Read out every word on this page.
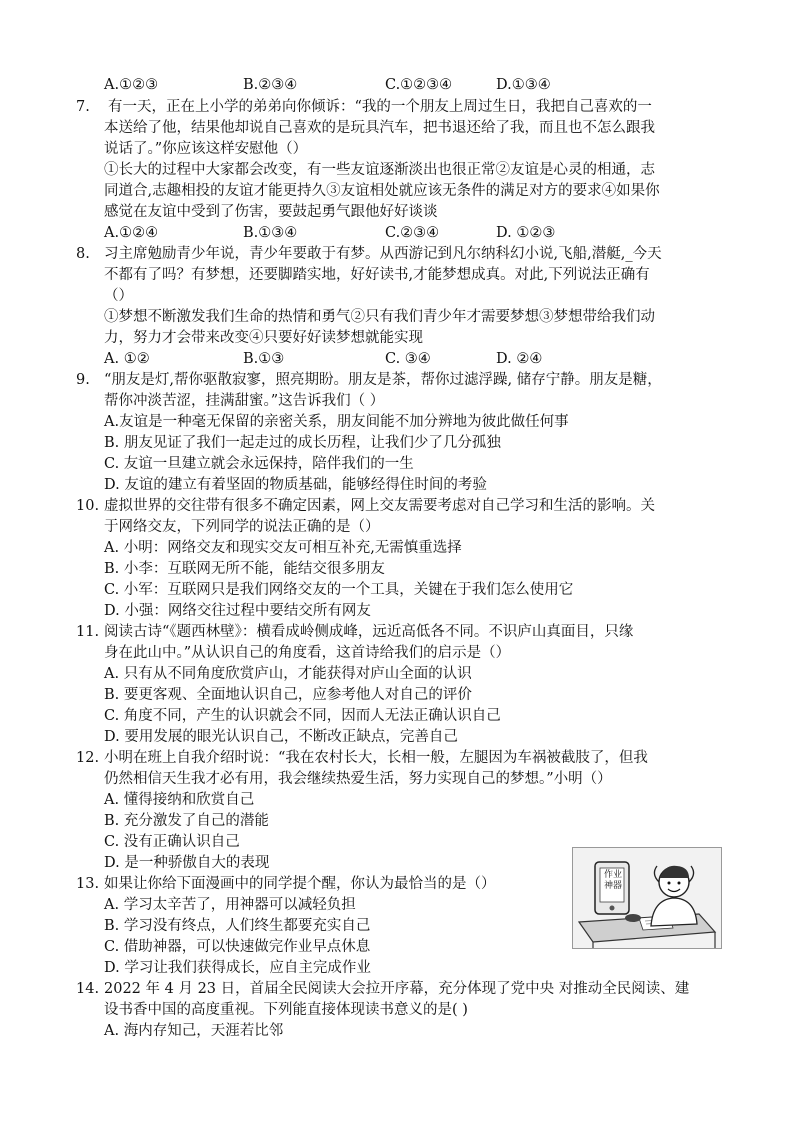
A.①②③	B.②③④	C.①②③④	D.①③④
7. 有一天，正在上小学的弟弟向你倾诉：“我的一个朋友上周过生日，我把自己喜欢的一
本送给了他，结果他却说自己喜欢的是玩具汽车，把书退还给了我，而且也不怎么跟我
说话了。”你应该这样安慰他（）
①长大的过程中大家都会改变，有一些友谊逐渐淡出也很正常②友谊是心灵的相通，志
同道合,志趣相投的友谊才能更持久③友谊相处就应该无条件的满足对方的要求④如果你
感觉在友谊中受到了伤害，要鼓起勇气跟他好好谈谈
A.①②④	B.①③④	C.②③④	D. ①②③
8. 习主席勉励青少年说，青少年要敢于有梦。从西游记到凡尔纳科幻小说,飞船,潜艇,_今天
不都有了吗？有梦想，还要脚踏实地，好好读书,才能梦想成真。对此,下列说法正确有
（）
①梦想不断激发我们生命的热情和勇气②只有我们青少年才需要梦想③梦想带给我们动
力，努力才会带来改变④只要好好读梦想就能实现
A. ①②	B.①③	C. ③④	D. ②④
9. “朋友是灯,帮你驱散寂寥，照亮期盼。朋友是茶，帮你过滤浮躁, 储存宁静。朋友是糖，
帮你冲淡苦涩，挂满甜蜜。”这告诉我们（ ）
A.友谊是一种毫无保留的亲密关系，朋友间能不加分辨地为彼此做任何事
B. 朋友见证了我们一起走过的成长历程，让我们少了几分孤独
C. 友谊一旦建立就会永远保持，陪伴我们的一生
D. 友谊的建立有着坚固的物质基础，能够经得住时间的考验
10. 虚拟世界的交往带有很多不确定因素，网上交友需要考虑对自己学习和生活的影响。关
于网络交友，下列同学的说法正确的是（）
A. 小明：网络交友和现实交友可相互补充,无需慎重选择
B. 小李：互联网无所不能，能结交很多朋友
C. 小军：互联网只是我们网络交友的一个工具，关键在于我们怎么使用它
D. 小强：网络交往过程中要结交所有网友
11. 阅读古诗“《题西林壁》：横看成岭侧成峰，远近高低各不同。不识庐山真面目，只缘
身在此山中。”从认识自己的角度看，这首诗给我们的启示是（）
A. 只有从不同角度欣赏庐山，才能获得对庐山全面的认识
B. 要更客观、全面地认识自己，应参考他人对自己的评价
C. 角度不同，产生的认识就会不同，因而人无法正确认识自己
D. 要用发展的眼光认识自己，不断改正缺点，完善自己
12. 小明在班上自我介绍时说：“我在农村长大，长相一般，左腿因为车祸被截肢了，但我
仍然相信天生我才必有用，我会继续热爱生活，努力实现自己的梦想。”小明（）
A. 懂得接纳和欣赏自己
B. 充分激发了自己的潜能
C. 没有正确认识自己
D. 是一种骄傲自大的表现
13. 如果让你给下面漫画中的同学提个醒，你认为最恰当的是（）
A. 学习太辛苦了，用神器可以减轻负担
B. 学习没有终点，人们终生都要充实自己
C. 借助神器，可以快速做完作业早点休息
D. 学习让我们获得成长，应自主完成作业
作业
神器
14. 2022 年 4 月 23 日，首届全民阅读大会拉开序幕，充分体现了党中央 对推动全民阅读、建
设书香中国的高度重视。下列能直接体现读书意义的是( )
A. 海内存知己，天涯若比邻
